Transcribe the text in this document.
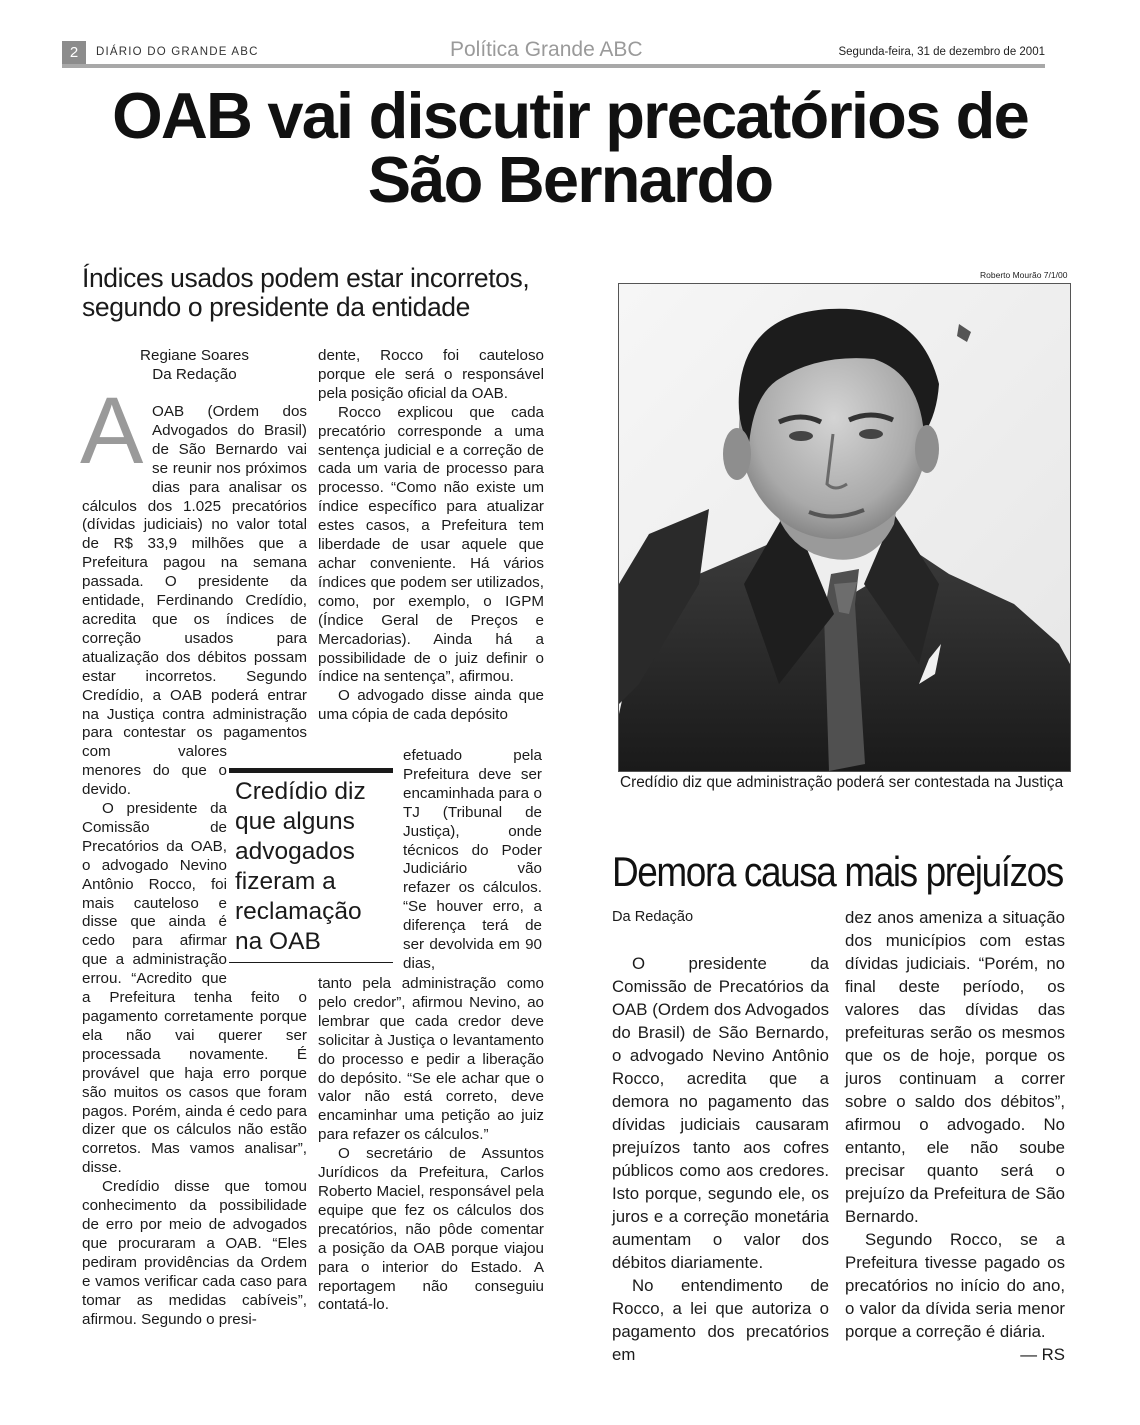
2	DIÁRIO DO GRANDE ABC	Política Grande ABC	Segunda-feira, 31 de dezembro de 2001
OAB vai discutir precatórios de
São Bernardo
Índices usados podem estar incorretos,
segundo o presidente da entidade
Regiane Soares
Da Redação
A OAB (Ordem dos Advogados do Brasil) de São Bernardo vai se reunir nos próximos dias para analisar os cálculos dos 1.025 precatórios (dívidas judiciais) no valor total de R$ 33,9 milhões que a Prefeitura pagou na semana passada. O presidente da entidade, Ferdinando Credídio, acredita que os índices de correção usados para atualização dos débitos possam estar incorretos. Segundo Credídio, a OAB poderá entrar na Justiça contra administração para contestar os pagamentos com valores menores do que o devido.

O presidente da Comissão de Precatórios da OAB, o advogado Nevino Antônio Rocco, foi mais cauteloso e disse que ainda é cedo para afirmar que a administração errou. “Acredito que a Prefeitura tenha feito o pagamento corretamente porque ela não vai querer ser processada novamente. É provável que haja erro porque são muitos os casos que foram pagos. Porém, ainda é cedo para dizer que os cálculos não estão corretos. Mas vamos analisar”, disse.

Credídio disse que tomou conhecimento da possibilidade de erro por meio de advogados que procuraram a OAB. “Eles pediram providências da Ordem e vamos verificar cada caso para tomar as medidas cabíveis”, afirmou. Segundo o presi-

dente, Rocco foi cauteloso porque ele será o responsável pela posição oficial da OAB.

Rocco explicou que cada precatório corresponde a uma sentença judicial e a correção de cada um varia de processo para processo. “Como não existe um índice específico para atualizar estes casos, a Prefeitura tem liberdade de usar aquele que achar conveniente. Há vários índices que podem ser utilizados, como, por exemplo, o IGPM (Índice Geral de Preços e Mercadorias). Ainda há a possibilidade de o juiz definir o índice na sentença”, afirmou.

O advogado disse ainda que uma cópia de cada depósito

efetuado pela Prefeitura deve ser encaminhada para o TJ (Tribunal de Justiça), onde técnicos do Poder Judiciário vão refazer os cálculos. “Se houver erro, a diferença terá de ser devolvida em 90 dias,

tanto pela administração como pelo credor”, afirmou Nevino, ao lembrar que cada credor deve solicitar à Justiça o levantamento do processo e pedir a liberação do depósito. “Se ele achar que o valor não está correto, deve encaminhar uma petição ao juiz para refazer os cálculos.”

O secretário de Assuntos Jurídicos da Prefeitura, Carlos Roberto Maciel, responsável pela equipe que fez os cálculos dos precatórios, não pôde comentar a posição da OAB porque viajou para o interior do Estado. A reportagem não conseguiu contatá-lo.

Credídio diz que alguns advogados fizeram a reclamação na OAB
Roberto Mourão 7/1/00
Credídio diz que administração poderá ser contestada na Justiça
Demora causa mais prejuízos
Da Redação

O presidente da Comissão de Precatórios da OAB (Ordem dos Advogados do Brasil) de São Bernardo, o advogado Nevino Antônio Rocco, acredita que a demora no pagamento das dívidas judiciais causaram prejuízos tanto aos cofres públicos como aos credores. Isto porque, segundo ele, os juros e a correção monetária aumentam o valor dos débitos diariamente.

No entendimento de Rocco, a lei que autoriza o pagamento dos precatórios em

dez anos ameniza a situação dos municípios com estas dívidas judiciais. “Porém, no final deste período, os valores das dívidas das prefeituras serão os mesmos que os de hoje, porque os juros continuam a correr sobre o saldo dos débitos”, afirmou o advogado. No entanto, ele não soube precisar quanto será o prejuízo da Prefeitura de São Bernardo.

Segundo Rocco, se a Prefeitura tivesse pagado os precatórios no início do ano, o valor da dívida seria menor porque a correção é diária.
— RS
